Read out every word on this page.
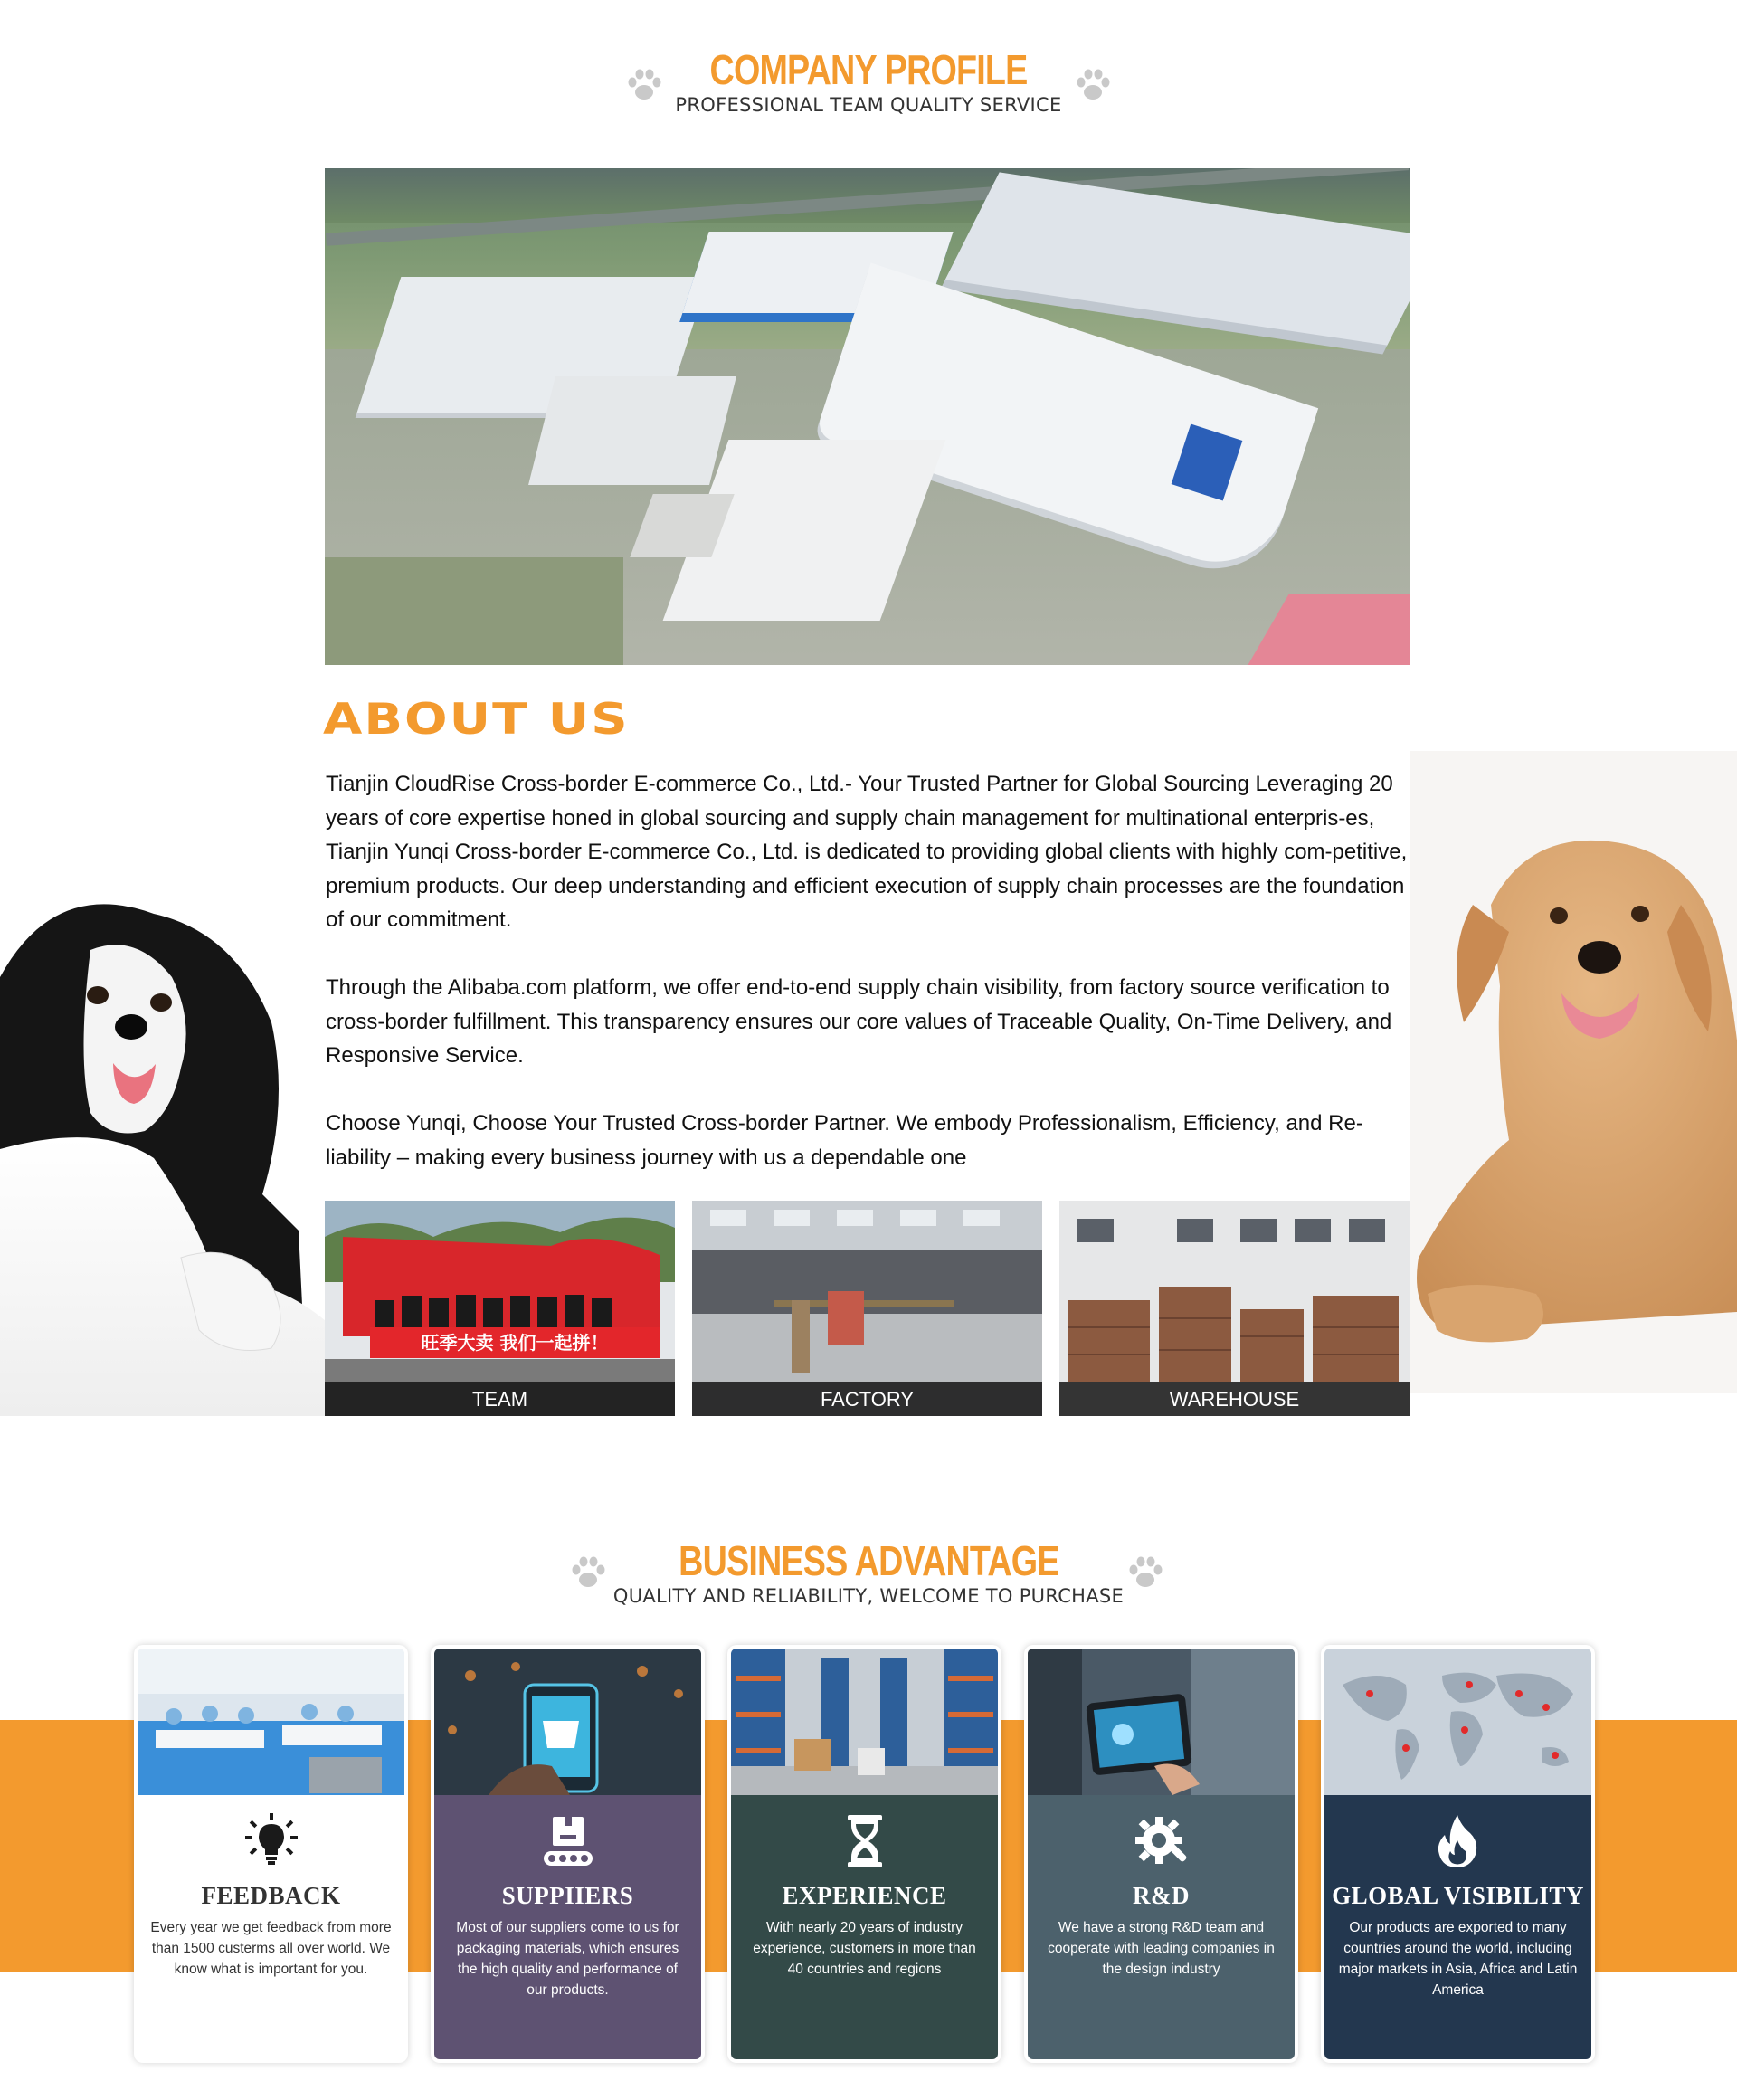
COMPANY PROFILE
PROFESSIONAL TEAM QUALITY SERVICE
ABOUT US

Tianjin CloudRise Cross-border E-commerce Co., Ltd.- Your Trusted Partner for Global Sourcing Leveraging 20 years of core expertise honed in global sourcing and supply chain management for multinational enterpris-es, Tianjin Yunqi Cross-border E-commerce Co., Ltd. is dedicated to providing global clients with highly com-petitive, premium products. Our deep understanding and efficient execution of supply chain processes are the foundation of our commitment.

Through the Alibaba.com platform, we offer end-to-end supply chain visibility, from factory source verification to cross-border fulfillment. This transparency ensures our core values of Traceable Quality, On-Time Delivery, and Responsive Service.

Choose Yunqi, Choose Your Trusted Cross-border Partner. We embody Professionalism, Efficiency, and Re-liability – making every business journey with us a dependable one

旺季大卖 我们一起拼！
TEAM	FACTORY	WAREHOUSE
BUSINESS ADVANTAGE
QUALITY AND RELIABILITY, WELCOME TO PURCHASE
FEEDBACK
Every year we get feedback from more than 1500 custerms all over world. We know what is important for you.
SUPPIIERS
Most of our suppliers come to us for packaging materials, which ensures the high quality and performance of our products.
EXPERIENCE
With nearly 20 years of industry experience, customers in more than 40 countries and regions
R&D
We have a strong R&D team and cooperate with leading companies in the design industry
GLOBAL VISIBILITY
Our products are exported to many countries around the world, including major markets in Asia, Africa and Latin America
